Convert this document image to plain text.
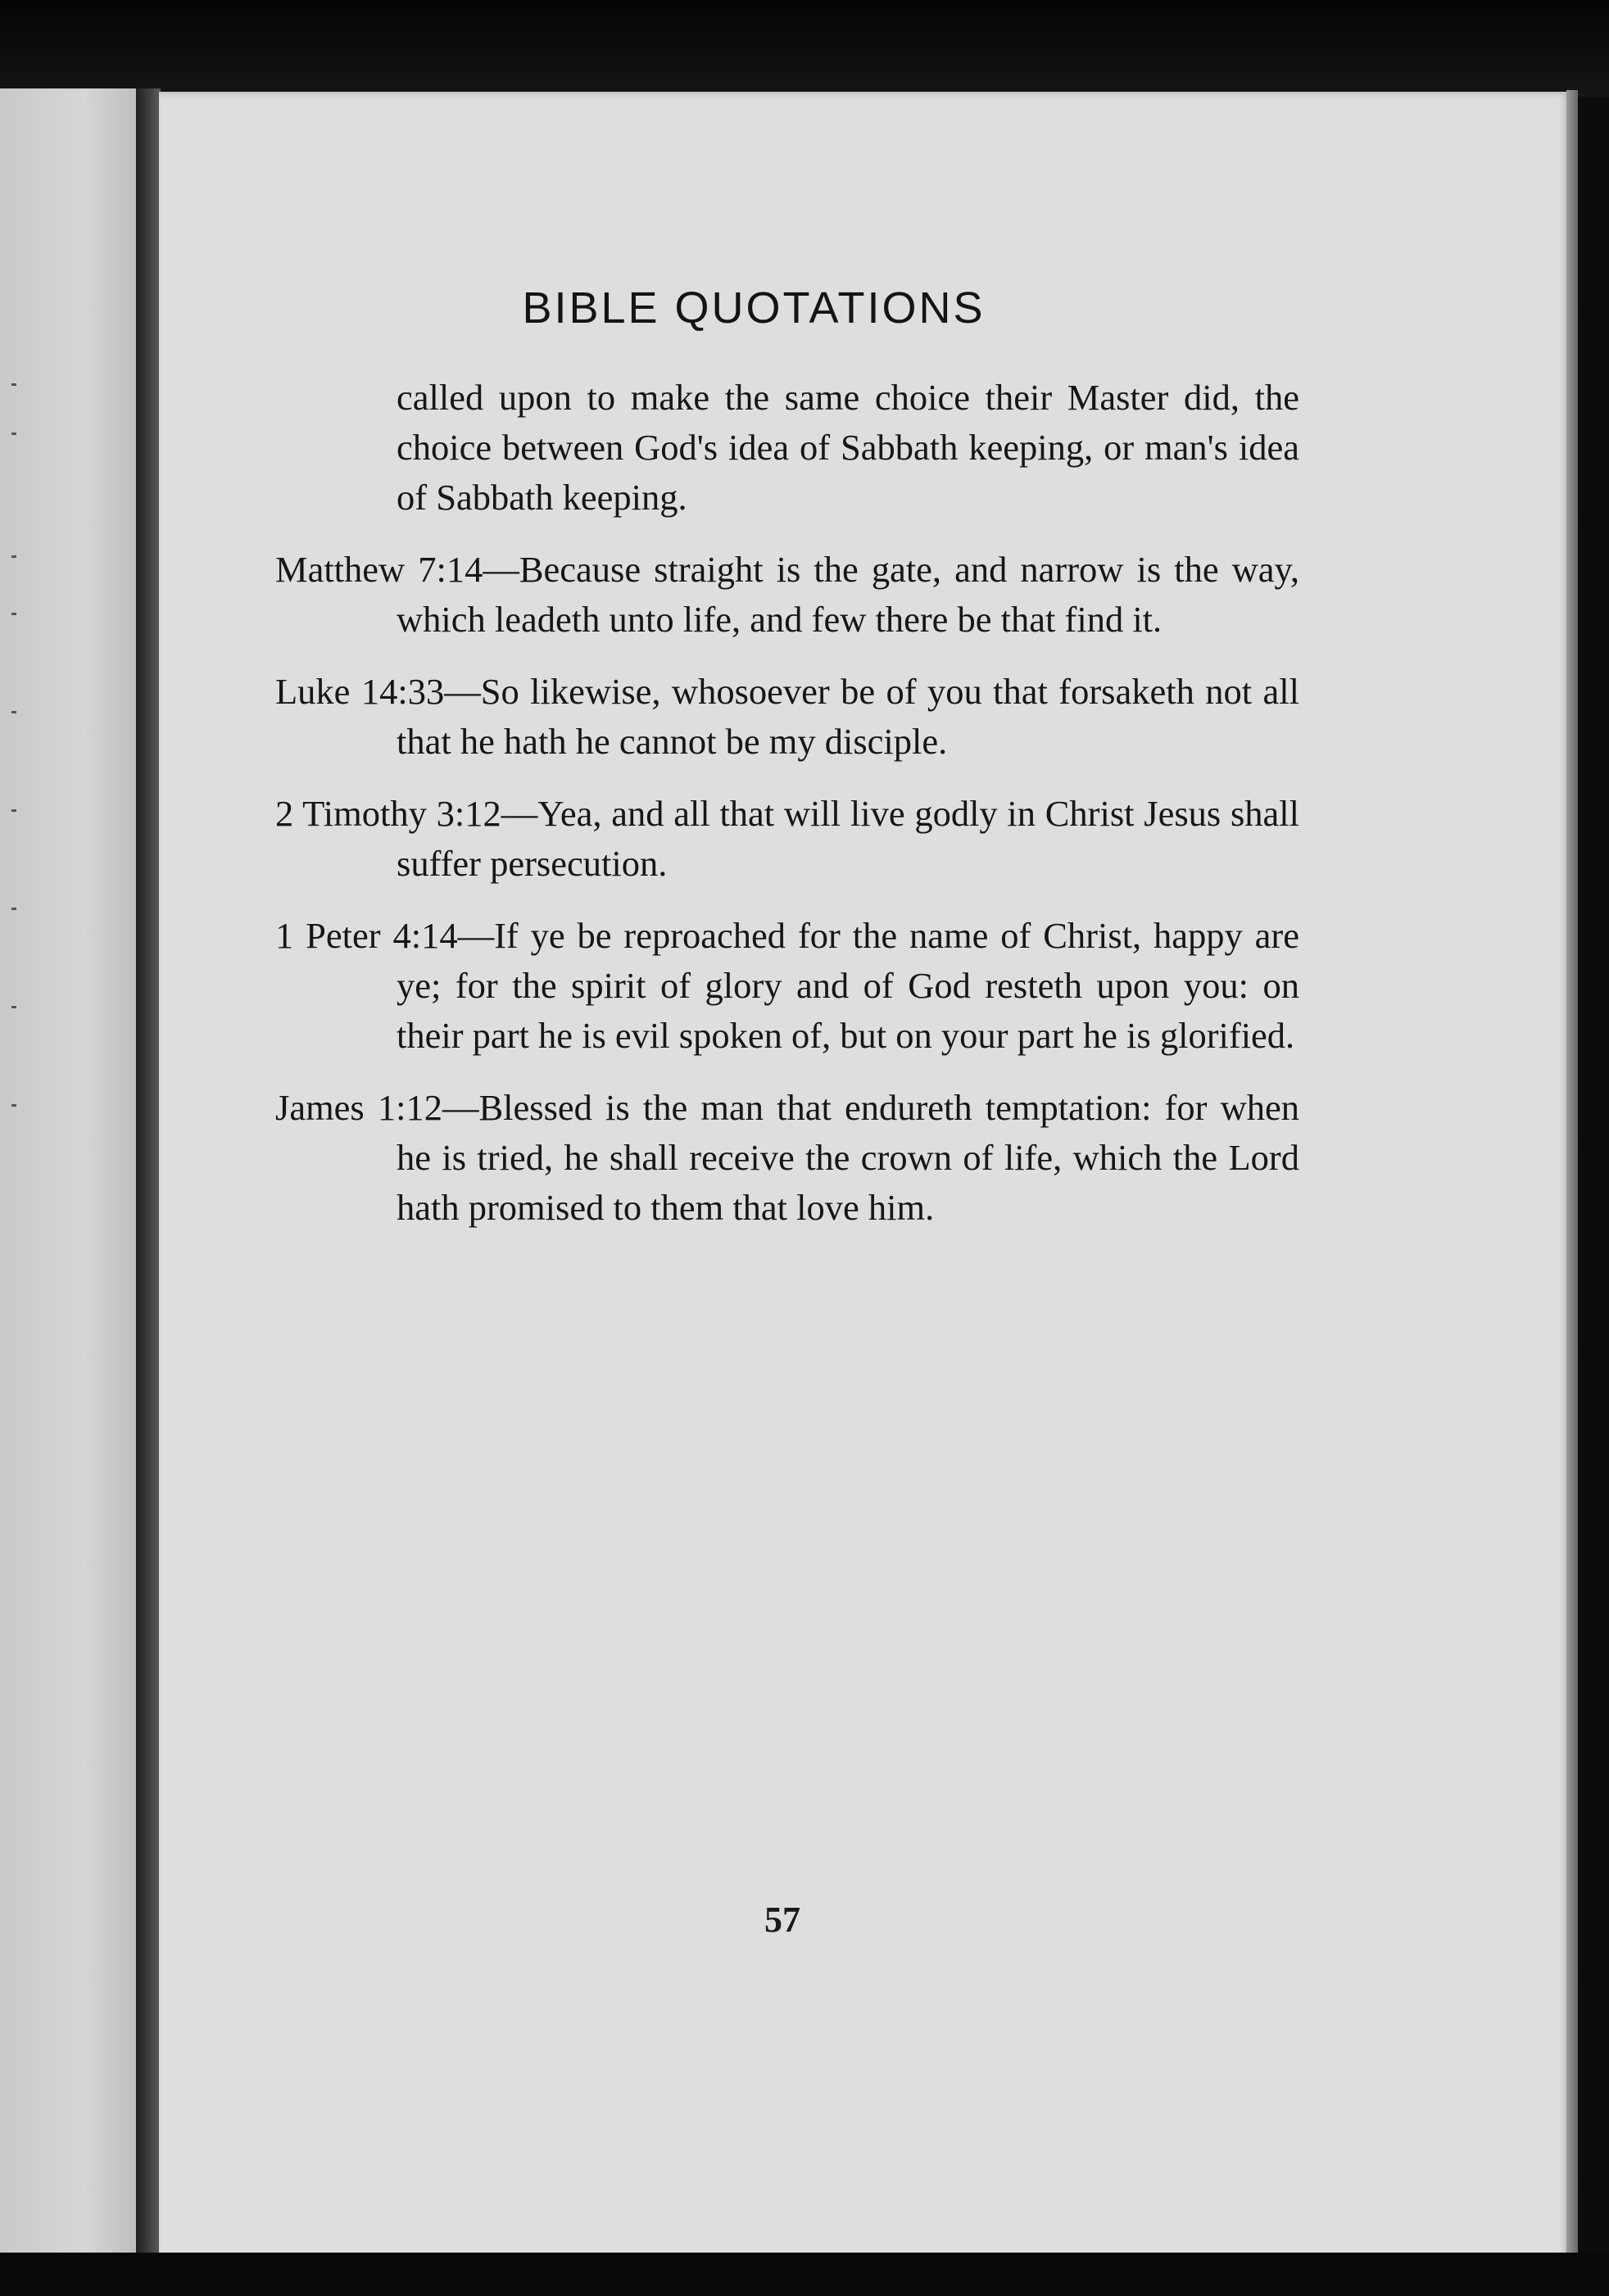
BIBLE QUOTATIONS

called upon to make the same choice their Master did, the choice between God's idea of Sabbath keeping, or man's idea of Sabbath keeping.

Matthew 7:14—Because straight is the gate, and narrow is the way, which leadeth unto life, and few there be that find it.

Luke 14:33—So likewise, whosoever be of you that forsaketh not all that he hath he cannot be my disciple.

2 Timothy 3:12—Yea, and all that will live godly in Christ Jesus shall suffer persecution.

1 Peter 4:14—If ye be reproached for the name of Christ, happy are ye; for the spirit of glory and of God resteth upon you: on their part he is evil spoken of, but on your part he is glorified.

James 1:12—Blessed is the man that endureth temptation: for when he is tried, he shall receive the crown of life, which the Lord hath promised to them that love him.

57
